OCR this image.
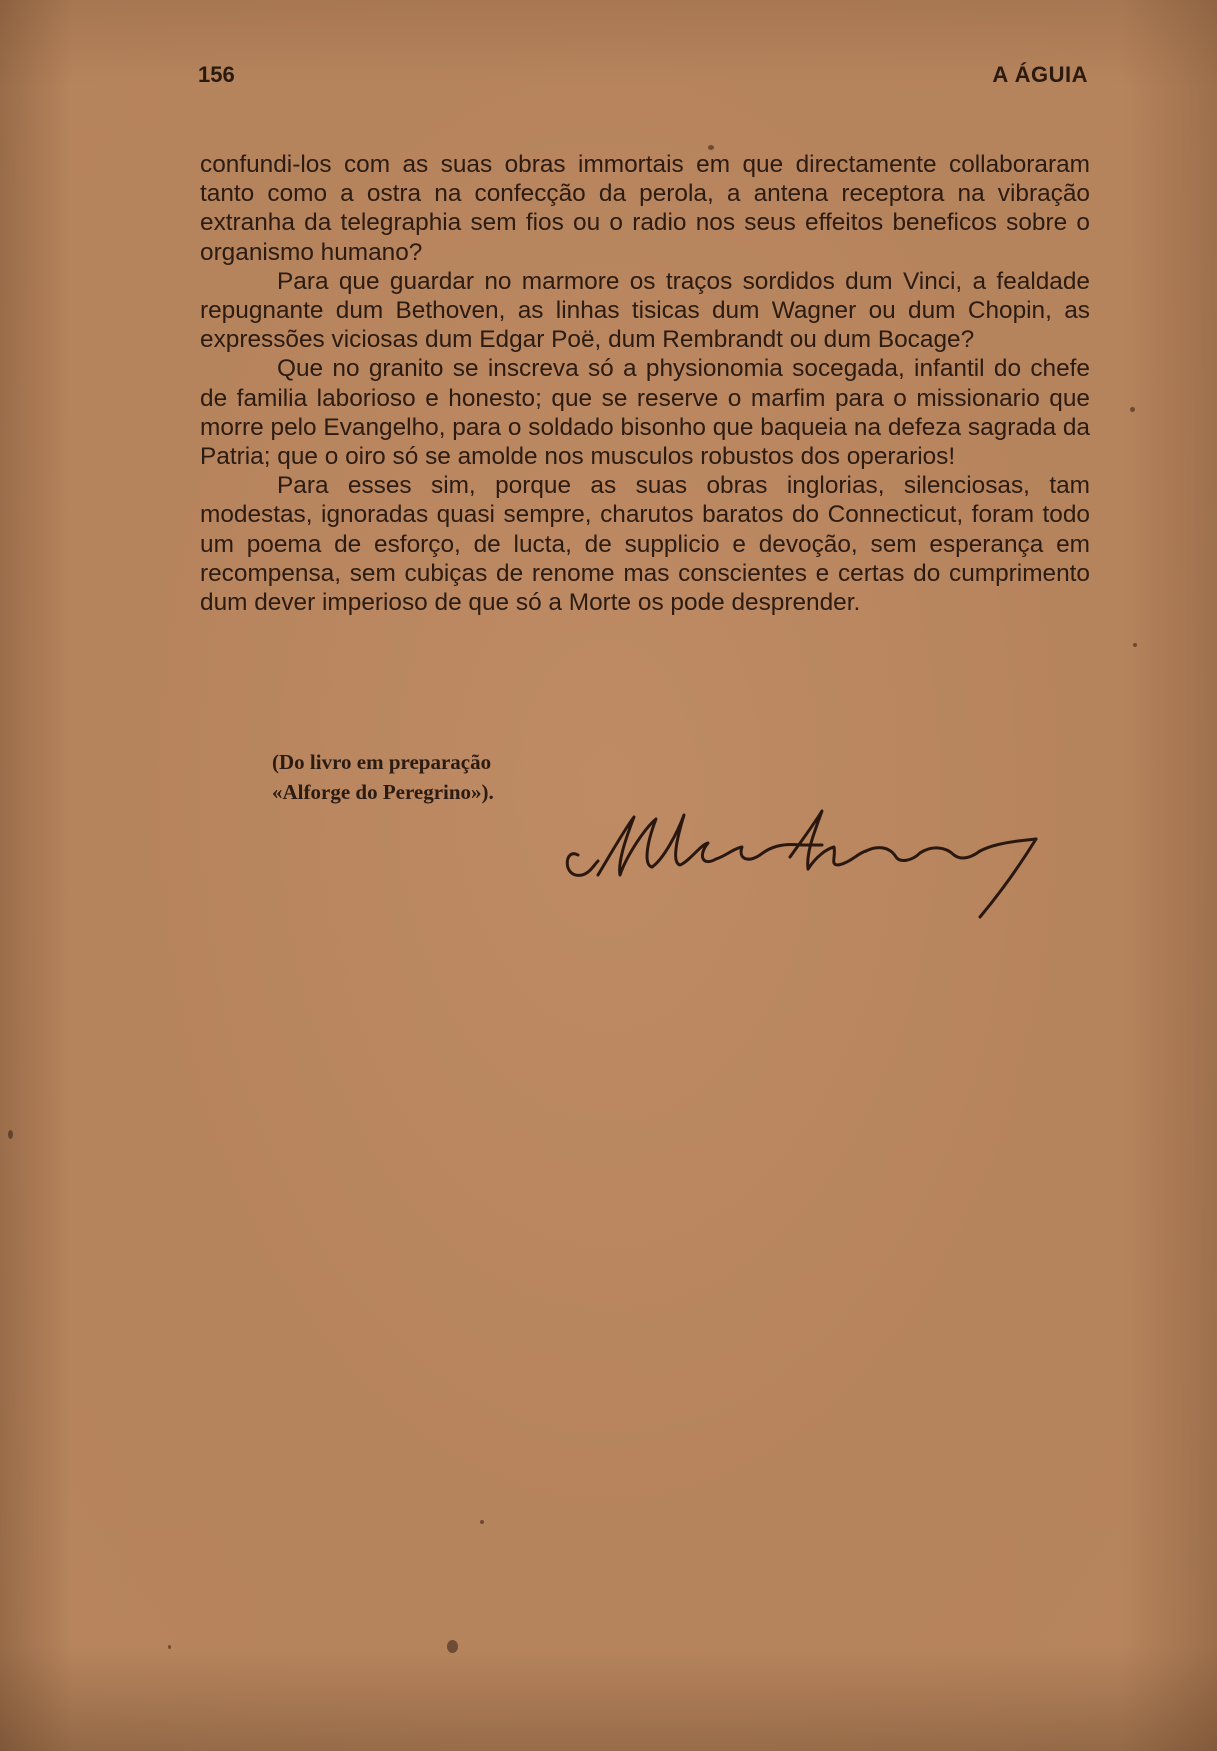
156	A ÁGUIA

confundi-los com as suas obras immortais em que directamente collaboraram tanto como a ostra na confecção da perola, a antena receptora na vibração extranha da telegraphia sem fios ou o radio nos seus effeitos beneficos sobre o organismo humano?

Para que guardar no marmore os traços sordidos dum Vinci, a fealdade repugnante dum Bethoven, as linhas tisicas dum Wagner ou dum Chopin, as expressões viciosas dum Edgar Poë, dum Rembrandt ou dum Bocage?

Que no granito se inscreva só a physionomia socegada, infantil do chefe de familia laborioso e honesto; que se reserve o marfim para o missionario que morre pelo Evangelho, para o soldado bisonho que baqueia na defeza sagrada da Patria; que o oiro só se amolde nos musculos robustos dos operarios!

Para esses sim, porque as suas obras inglorias, silenciosas, tam modestas, ignoradas quasi sempre, charutos baratos do Connecticut, foram todo um poema de esforço, de lucta, de supplicio e devoção, sem esperança em recompensa, sem cubiças de renome mas conscientes e certas do cumprimento dum dever imperioso de que só a Morte os pode desprender.

(Do livro em preparação
«Alforge do Peregrino»).
